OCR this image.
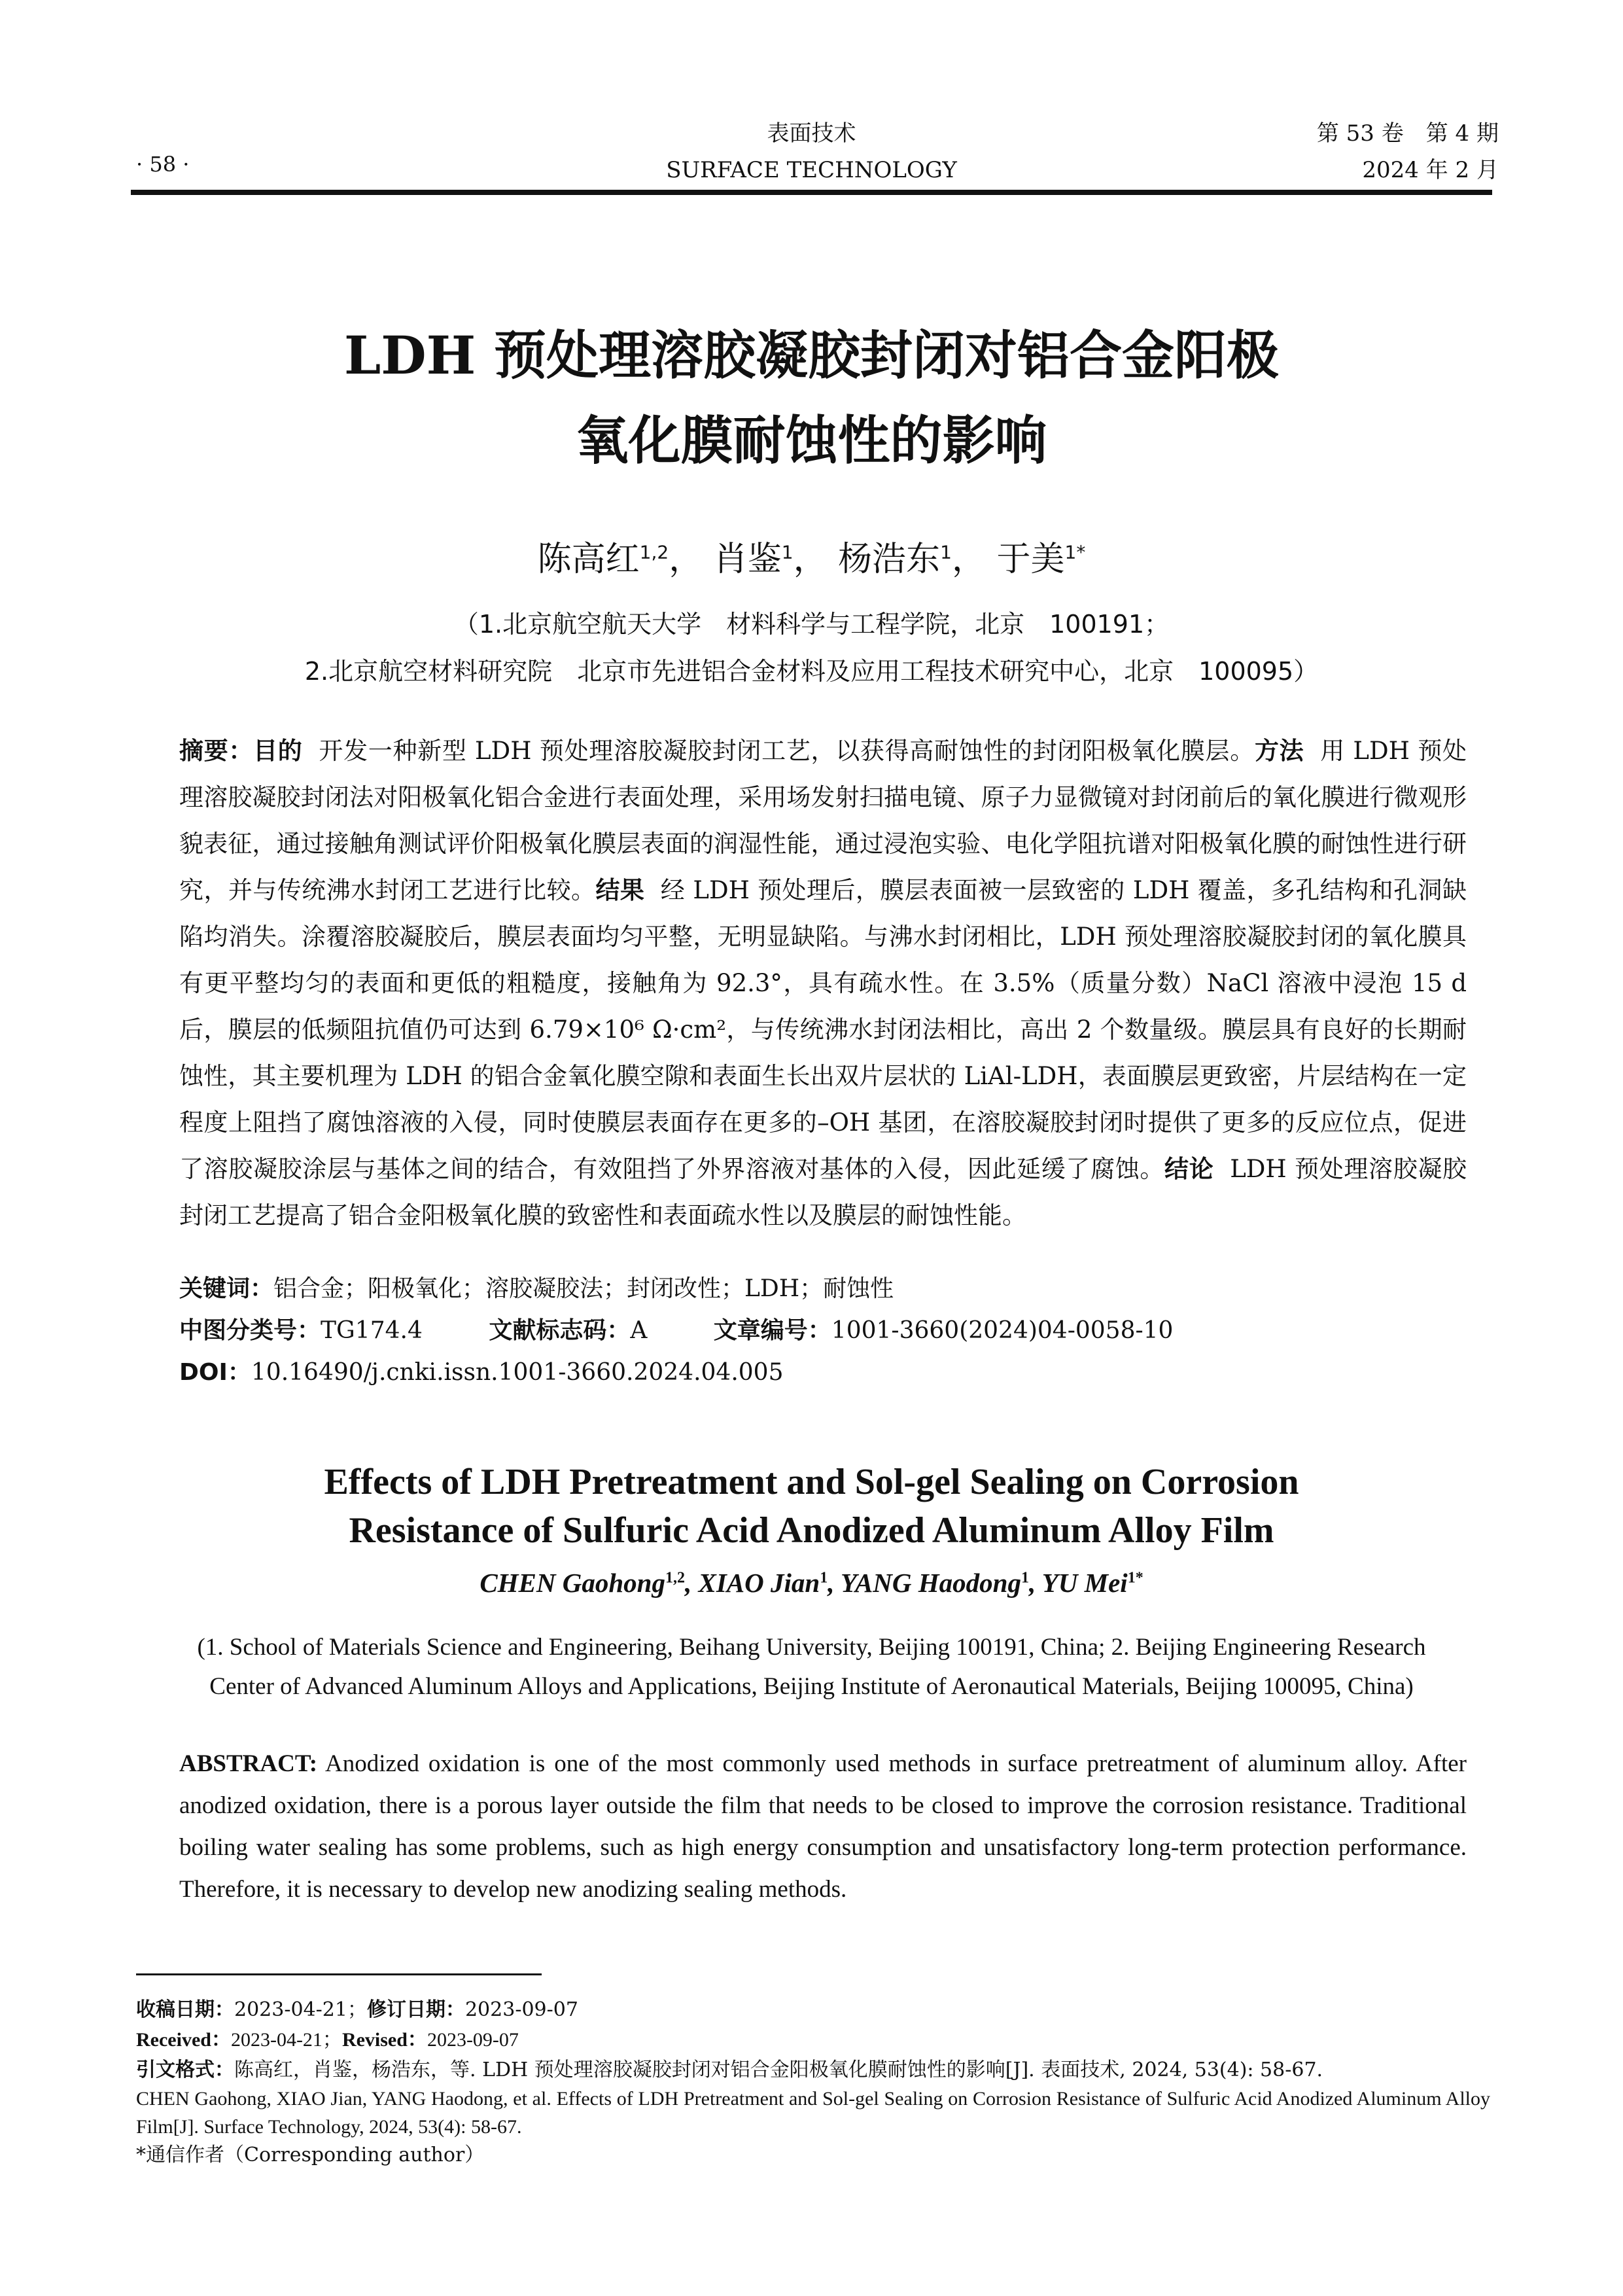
· 58 ·
表面技术
SURFACE TECHNOLOGY
第 53 卷　第 4 期
2024 年 2 月
LDH 预处理溶胶凝胶封闭对铝合金阳极
氧化膜耐蚀性的影响
陈高红$^{1,2}$， 肖鉴$^1$， 杨浩东$^1$， 于美$^{1*}$
（1.北京航空航天大学　材料科学与工程学院，北京　100191；
2.北京航空材料研究院　北京市先进铝合金材料及应用工程技术研究中心，北京　100095）
摘要：目的 开发一种新型 LDH 预处理溶胶凝胶封闭工艺，以获得高耐蚀性的封闭阳极氧化膜层。方法 用 LDH 预处理溶胶凝胶封闭法对阳极氧化铝合金进行表面处理，采用场发射扫描电镜、原子力显微镜对封闭前后的氧化膜进行微观形貌表征，通过接触角测试评价阳极氧化膜层表面的润湿性能，通过浸泡实验、电化学阻抗谱对阳极氧化膜的耐蚀性进行研究，并与传统沸水封闭工艺进行比较。结果 经 LDH 预处理后，膜层表面被一层致密的 LDH 覆盖，多孔结构和孔洞缺陷均消失。涂覆溶胶凝胶后，膜层表面均匀平整，无明显缺陷。与沸水封闭相比，LDH 预处理溶胶凝胶封闭的氧化膜具有更平整均匀的表面和更低的粗糙度，接触角为 92.3°，具有疏水性。在 3.5%（质量分数）NaCl 溶液中浸泡 15 d 后，膜层的低频阻抗值仍可达到 6.79×10⁶ Ω·cm²，与传统沸水封闭法相比，高出 2 个数量级。膜层具有良好的长期耐蚀性，其主要机理为 LDH 的铝合金氧化膜空隙和表面生长出双片层状的 LiAl-LDH，表面膜层更致密，片层结构在一定程度上阻挡了腐蚀溶液的入侵，同时使膜层表面存在更多的–OH 基团，在溶胶凝胶封闭时提供了更多的反应位点，促进了溶胶凝胶涂层与基体之间的结合，有效阻挡了外界溶液对基体的入侵，因此延缓了腐蚀。结论 LDH 预处理溶胶凝胶封闭工艺提高了铝合金阳极氧化膜的致密性和表面疏水性以及膜层的耐蚀性能。
关键词：铝合金；阳极氧化；溶胶凝胶法；封闭改性；LDH；耐蚀性
中图分类号：TG174.4	文献标志码：A	文章编号：1001-3660(2024)04-0058-10
DOI：10.16490/j.cnki.issn.1001-3660.2024.04.005
Effects of LDH Pretreatment and Sol-gel Sealing on Corrosion
Resistance of Sulfuric Acid Anodized Aluminum Alloy Film
CHEN Gaohong$^{1,2}$, XIAO Jian$^1$, YANG Haodong$^1$, YU Mei$^{1*}$
(1. School of Materials Science and Engineering, Beihang University, Beijing 100191, China; 2. Beijing Engineering Research
Center of Advanced Aluminum Alloys and Applications, Beijing Institute of Aeronautical Materials, Beijing 100095, China)
ABSTRACT: Anodized oxidation is one of the most commonly used methods in surface pretreatment of aluminum alloy. After anodized oxidation, there is a porous layer outside the film that needs to be closed to improve the corrosion resistance. Traditional boiling water sealing has some problems, such as high energy consumption and unsatisfactory long-term protection performance. Therefore, it is necessary to develop new anodizing sealing methods.
收稿日期：2023-04-21；修订日期：2023-09-07
Received：2023-04-21；Revised：2023-09-07
引文格式：陈高红，肖鉴，杨浩东，等. LDH 预处理溶胶凝胶封闭对铝合金阳极氧化膜耐蚀性的影响[J]. 表面技术, 2024, 53(4): 58-67.
CHEN Gaohong, XIAO Jian, YANG Haodong, et al. Effects of LDH Pretreatment and Sol-gel Sealing on Corrosion Resistance of Sulfuric Acid Anodized Aluminum Alloy Film[J]. Surface Technology, 2024, 53(4): 58-67.
*通信作者（Corresponding author）
